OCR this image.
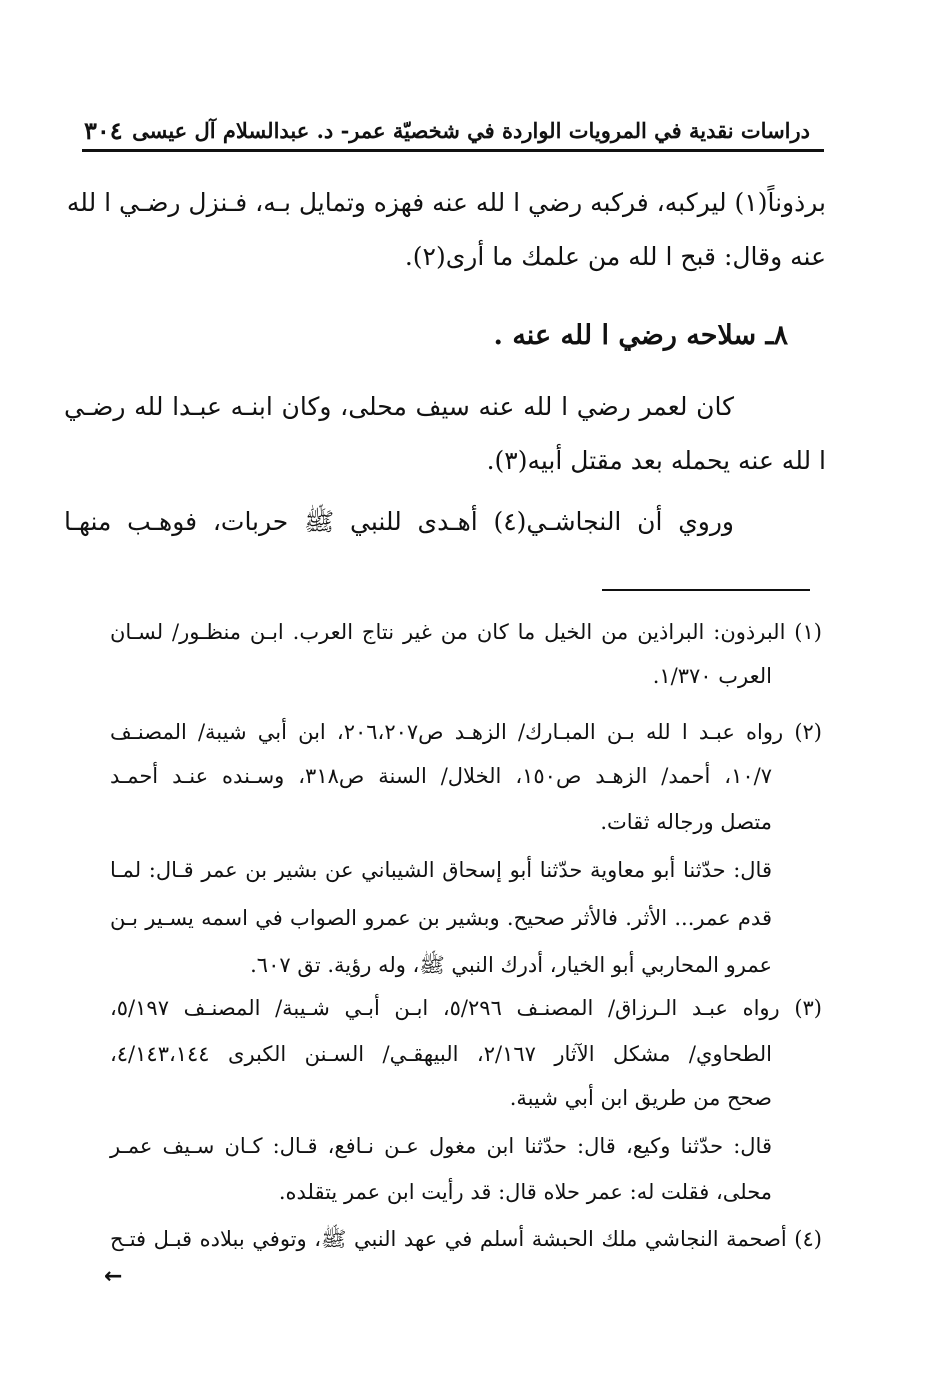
دراسات نقدية في المرويات الواردة في شخصيّة عمر- د. عبدالسلام آل عيسى
٣٠٤
برذوناً(١) ليركبه، فركبه رضي ا لله عنه فهزه وتمايل بـه، فـنزل رضـي ا لله
عنه وقال: قبح ا لله من علمك ما أرى(٢).
٨ـ سلاحه رضي ا لله عنه .
كان لعمر رضي ا لله عنه سيف محلى، وكان ابنـه عبـدا لله رضـي
ا لله عنه يحمله بعد مقتل أبيه(٣).
وروي أن النجاشـي(٤) أهـدى للنبي ﷺ حربات، فوهـب منهـا
(١) البرذون: البراذين من الخيل ما كان من غير نتاج العرب. ابـن منظـور/ لسـان
العرب ١/٣٧٠.
(٢) رواه عبـد ا لله بـن المبـارك/ الزهـد ص٢٠٦،٢٠٧، ابن أبي شيبة/ المصنـف
١٠/٧، أحمد/ الزهـد ص١٥٠، الخلال/ السنة ص٣١٨، وسـنده عنـد أحمـد
متصل ورجاله ثقات.
قال: حدّثنا أبو معاوية حدّثنا أبو إسحاق الشيباني عن بشير بن عمر قـال: لمـا
قدم عمر... الأثر. فالأثر صحيح. وبشير بن عمرو الصواب في اسمه يسـير بـن
عمرو المحاربي أبو الخيار، أدرك النبي ﷺ، وله رؤية. تق ٦٠٧.
(٣) رواه عبـد الـرزاق/ المصنـف ٥/٢٩٦، ابـن أبـي شـيبة/ المصنـف ٥/١٩٧،
الطحاوي/ مشكل الآثار ٢/١٦٧، البيهقـي/ السـنن الكبرى ٤/١٤٣،١٤٤،
صحح من طريق ابن أبي شيبة.
قال: حدّثنا وكيع، قال: حدّثنا ابن مغول عـن نـافع، قـال: كـان سـيف عمـر
محلى، فقلت له: عمر حلاه قال: قد رأيت ابن عمر يتقلده.
(٤) أصحمة النجاشي ملك الحبشة أسلم في عهد النبي ﷺ، وتوفي ببلاده قبـل فتـح
←
